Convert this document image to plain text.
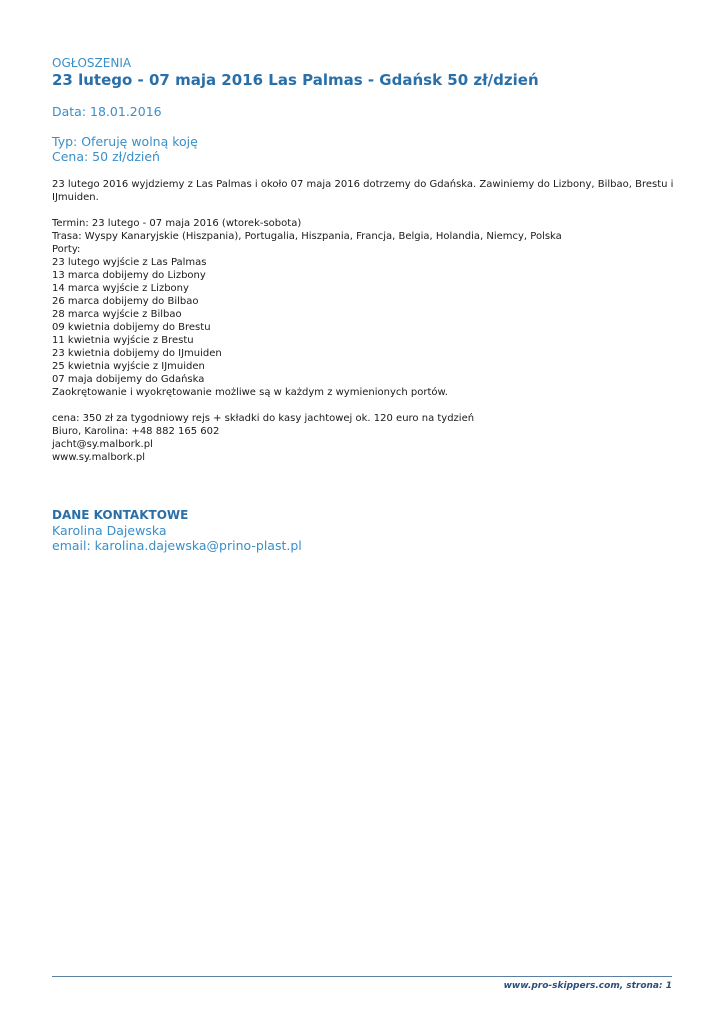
OGŁOSZENIA

23 lutego - 07 maja 2016 Las Palmas - Gdańsk 50 zł/dzień

Data: 18.01.2016

Typ: Oferuję wolną koję

Cena: 50 zł/dzień

23 lutego 2016 wyjdziemy z Las Palmas i około 07 maja 2016 dotrzemy do Gdańska. Zawiniemy do Lizbony, Bilbao, Brestu i

IJmuiden.

Termin: 23 lutego - 07 maja 2016 (wtorek-sobota)

Trasa: Wyspy Kanaryjskie (Hiszpania), Portugalia, Hiszpania, Francja, Belgia, Holandia, Niemcy, Polska

Porty:

23 lutego wyjście z Las Palmas

13 marca dobijemy do Lizbony

14 marca wyjście z Lizbony

26 marca dobijemy do Bilbao

28 marca wyjście z Bilbao

09 kwietnia dobijemy do Brestu

11 kwietnia wyjście z Brestu

23 kwietnia dobijemy do IJmuiden

25 kwietnia wyjście z IJmuiden

07 maja dobijemy do Gdańska

Zaokrętowanie i wyokrętowanie możliwe są w każdym z wymienionych portów.

cena: 350 zł za tygodniowy rejs + składki do kasy jachtowej ok. 120 euro na tydzień

Biuro, Karolina: +48 882 165 602

jacht@sy.malbork.pl

www.sy.malbork.pl

DANE KONTAKTOWE

Karolina Dajewska

email: karolina.dajewska@prino-plast.pl

www.pro-skippers.com, strona: 1
